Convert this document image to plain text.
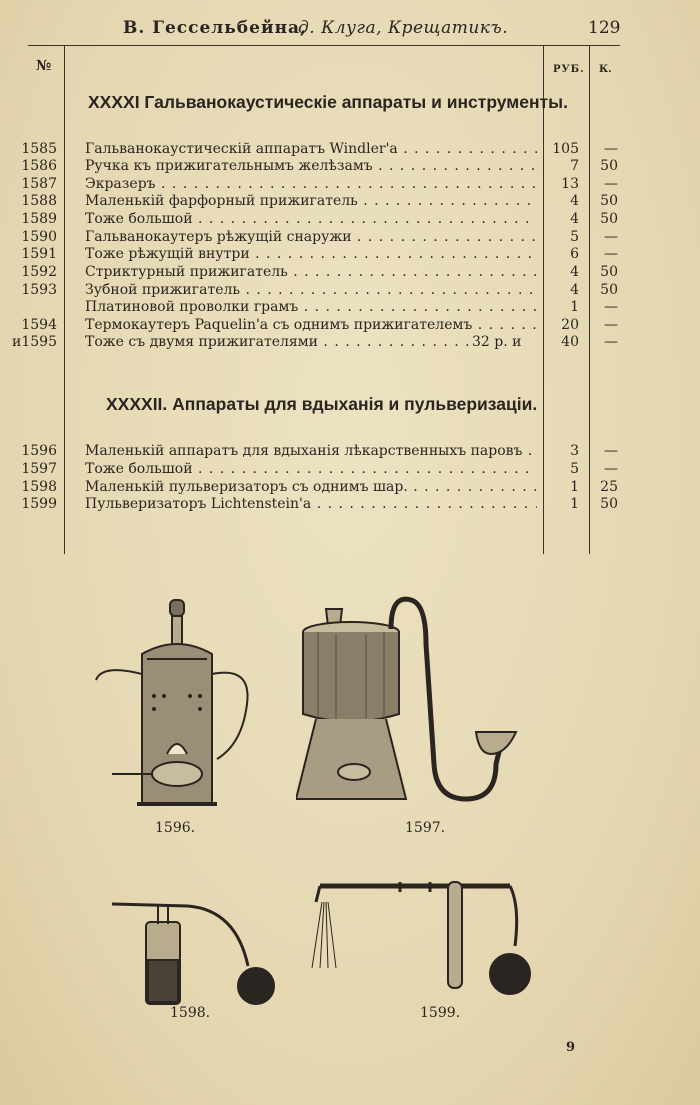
В. Гессельбейна,
д. Клуга, Крещатикъ.	129
№	РУБ. К.
XXXXI Гальванокаустическіе аппараты и инструменты.
1585 Гальванокаустическій аппаратъ Windler'а . . .	105	—
1586 Ручка къ прижигательнымъ желѣзамъ . . .	7 50
1587 Экразеръ . . .	13	—
1588 Маленькій фарфорный прижигатель . . .	4 50
1589 Тоже большой . . .	4 50
1590 Гальванокаутеръ рѣжущій снаружи . . .	5	—
1591 Тоже рѣжущій внутри . . .	6	—
1592 Стриктурный прижигатель . . .	4 50
1593 Зубной прижигатель . . .	4 50
Платиновой проволки грамъ . . .	1	—
1594 Термокаутеръ Paquelin'а съ однимъ прижигателемъ . . .	20	—
и1595 Тоже съ двумя прижигателями . . .	32 р. и	40	—
XXXXII. Аппараты для вдыханія и пульверизаціи.
1596 Маленькій аппаратъ для вдыханія лѣкарственныхъ паровъ . . .	3	—
1597 Тоже большой . . .	5	—
1598 Маленькій пульверизаторъ съ однимъ шар. . . .	1 25
1599 Пульверизаторъ Lichtenstein'а . . .	1 50
1596.	1597.
1598.	1599.
9
